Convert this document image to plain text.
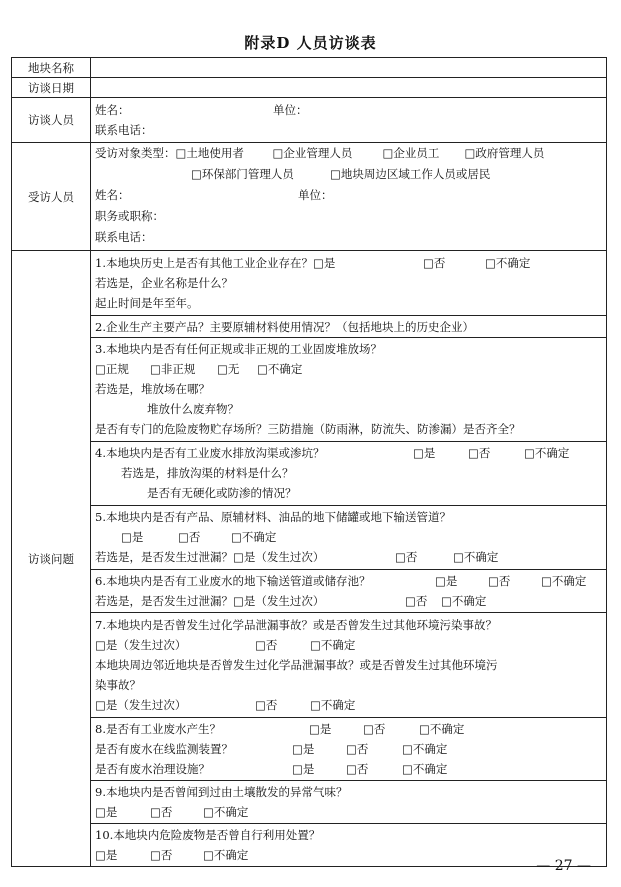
附录D 人员访谈表
地块名称	
访谈日期	
访谈人员	姓名： 单位：
联系电话：

受访人员	受访对象类型：□土地使用者 □企业管理人员 □企业员工 □政府管理人员
□环保部门管理人员 □地块周边区域工作人员或居民
姓名： 单位：
职务或职称：
联系电话：

访谈问题	1.本地块历史上是否有其他工业企业存在？□是 □否 □不确定
若选是，企业名称是什么？
起止时间是年至年。

	2.企业生产主要产品？主要原辅材料使用情况？（包括地块上的历史企业）

	3.本地块内是否有任何正规或非正规的工业固废堆放场？
□正规 □非正规 □无 □不确定
若选是，堆放场在哪？
堆放什么废弃物？
是否有专门的危险废物贮存场所？三防措施（防雨淋，防流失、防渗漏）是否齐全？

	4.本地块内是否有工业废水排放沟渠或渗坑？ □是 □否 □不确定
若选是，排放沟渠的材料是什么？
是否有无硬化或防渗的情况？

	5.本地块内是否有产品、原辅材料、油品的地下储罐或地下输送管道？
□是 □否 □不确定
若选是，是否发生过泄漏？□是（发生过次） □否 □不确定

	6.本地块内是否有工业废水的地下输送管道或储存池？ □是 □否 □不确定
若选是，是否发生过泄漏？□是（发生过次） □否 □不确定

	7.本地块内是否曾发生过化学品泄漏事故？或是否曾发生过其他环境污染事故？
□是（发生过次） □否 □不确定
本地块周边邻近地块是否曾发生过化学品泄漏事故？或是否曾发生过其他环境污
染事故？
□是（发生过次） □否 □不确定

	8.是否有工业废水产生？ □是 □否 □不确定
是否有废水在线监测装置？ □是 □否 □不确定
是否有废水治理设施？ □是 □否 □不确定

	9.本地块内是否曾闻到过由土壤散发的异常气味？
□是 □否 □不确定

	10.本地块内危险废物是否曾自行利用处置？
□是 □否 □不确定
— 27 —
